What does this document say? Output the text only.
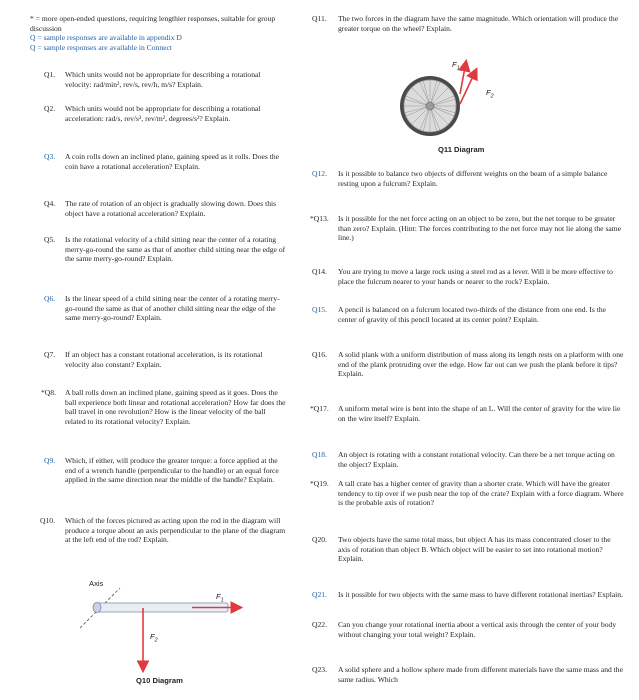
* = more open-ended questions, requiring lengthier responses, suitable for group discussion
Q = sample responses are available in appendix D
Q = sample responses are available in Connect
Q1. Which units would not be appropriate for describing a rotational velocity: rad/min², rev/s, rev/h, m/s? Explain.
Q2. Which units would not be appropriate for describing a rotational acceleration: rad/s, rev/s², rev/m², degrees/s²? Explain.
Q3. A coin rolls down an inclined plane, gaining speed as it rolls. Does the coin have a rotational acceleration? Explain.
Q4. The rate of rotation of an object is gradually slowing down. Does this object have a rotational acceleration? Explain.
Q5. Is the rotational velocity of a child sitting near the center of a rotating merry-go-round the same as that of another child sitting near the edge of the same merry-go-round? Explain.
Q6. Is the linear speed of a child sitting near the center of a rotating merry-go-round the same as that of another child sitting near the edge of the same merry-go-round? Explain.
Q7. If an object has a constant rotational acceleration, is its rotational velocity also constant? Explain.
*Q8. A ball rolls down an inclined plane, gaining speed as it goes. Does the ball experience both linear and rotational acceleration? How far does the ball travel in one revolution? How is the linear velocity of the ball related to its rotational velocity? Explain.
Q9. Which, if either, will produce the greater torque: a force applied at the end of a wrench handle (perpendicular to the handle) or an equal force applied in the same direction near the middle of the handle? Explain.
Q10. Which of the forces pictured as acting upon the rod in the diagram will produce a torque about an axis perpendicular to the plane of the diagram at the left end of the rod? Explain.
Axis
$F_1$
$F_2$
Q10 Diagram
Q11. The two forces in the diagram have the same magnitude. Which orientation will produce the greater torque on the wheel? Explain.
$F_1$
$F_2$
Q11 Diagram
Q12. Is it possible to balance two objects of different weights on the beam of a simple balance resting upon a fulcrum? Explain.
*Q13. Is it possible for the net force acting on an object to be zero, but the net torque to be greater than zero? Explain. (Hint: The forces contributing to the net force may not lie along the same line.)
Q14. You are trying to move a large rock using a steel rod as a lever. Will it be more effective to place the fulcrum nearer to your hands or nearer to the rock? Explain.
Q15. A pencil is balanced on a fulcrum located two-thirds of the distance from one end. Is the center of gravity of this pencil located at its center point? Explain.
Q16. A solid plank with a uniform distribution of mass along its length rests on a platform with one end of the plank protruding over the edge. How far out can we push the plank before it tips? Explain.
*Q17. A uniform metal wire is bent into the shape of an L. Will the center of gravity for the wire lie on the wire itself? Explain.
Q18. An object is rotating with a constant rotational velocity. Can there be a net torque acting on the object? Explain.
*Q19. A tall crate has a higher center of gravity than a shorter crate. Which will have the greater tendency to tip over if we push near the top of the crate? Explain with a force diagram. Where is the probable axis of rotation?
Q20. Two objects have the same total mass, but object A has its mass concentrated closer to the axis of rotation than object B. Which object will be easier to set into rotational motion? Explain.
Q21. Is it possible for two objects with the same mass to have different rotational inertias? Explain.
Q22. Can you change your rotational inertia about a vertical axis through the center of your body without changing your total weight? Explain.
Q23. A solid sphere and a hollow sphere made from different materials have the same mass and the same radius. Which
